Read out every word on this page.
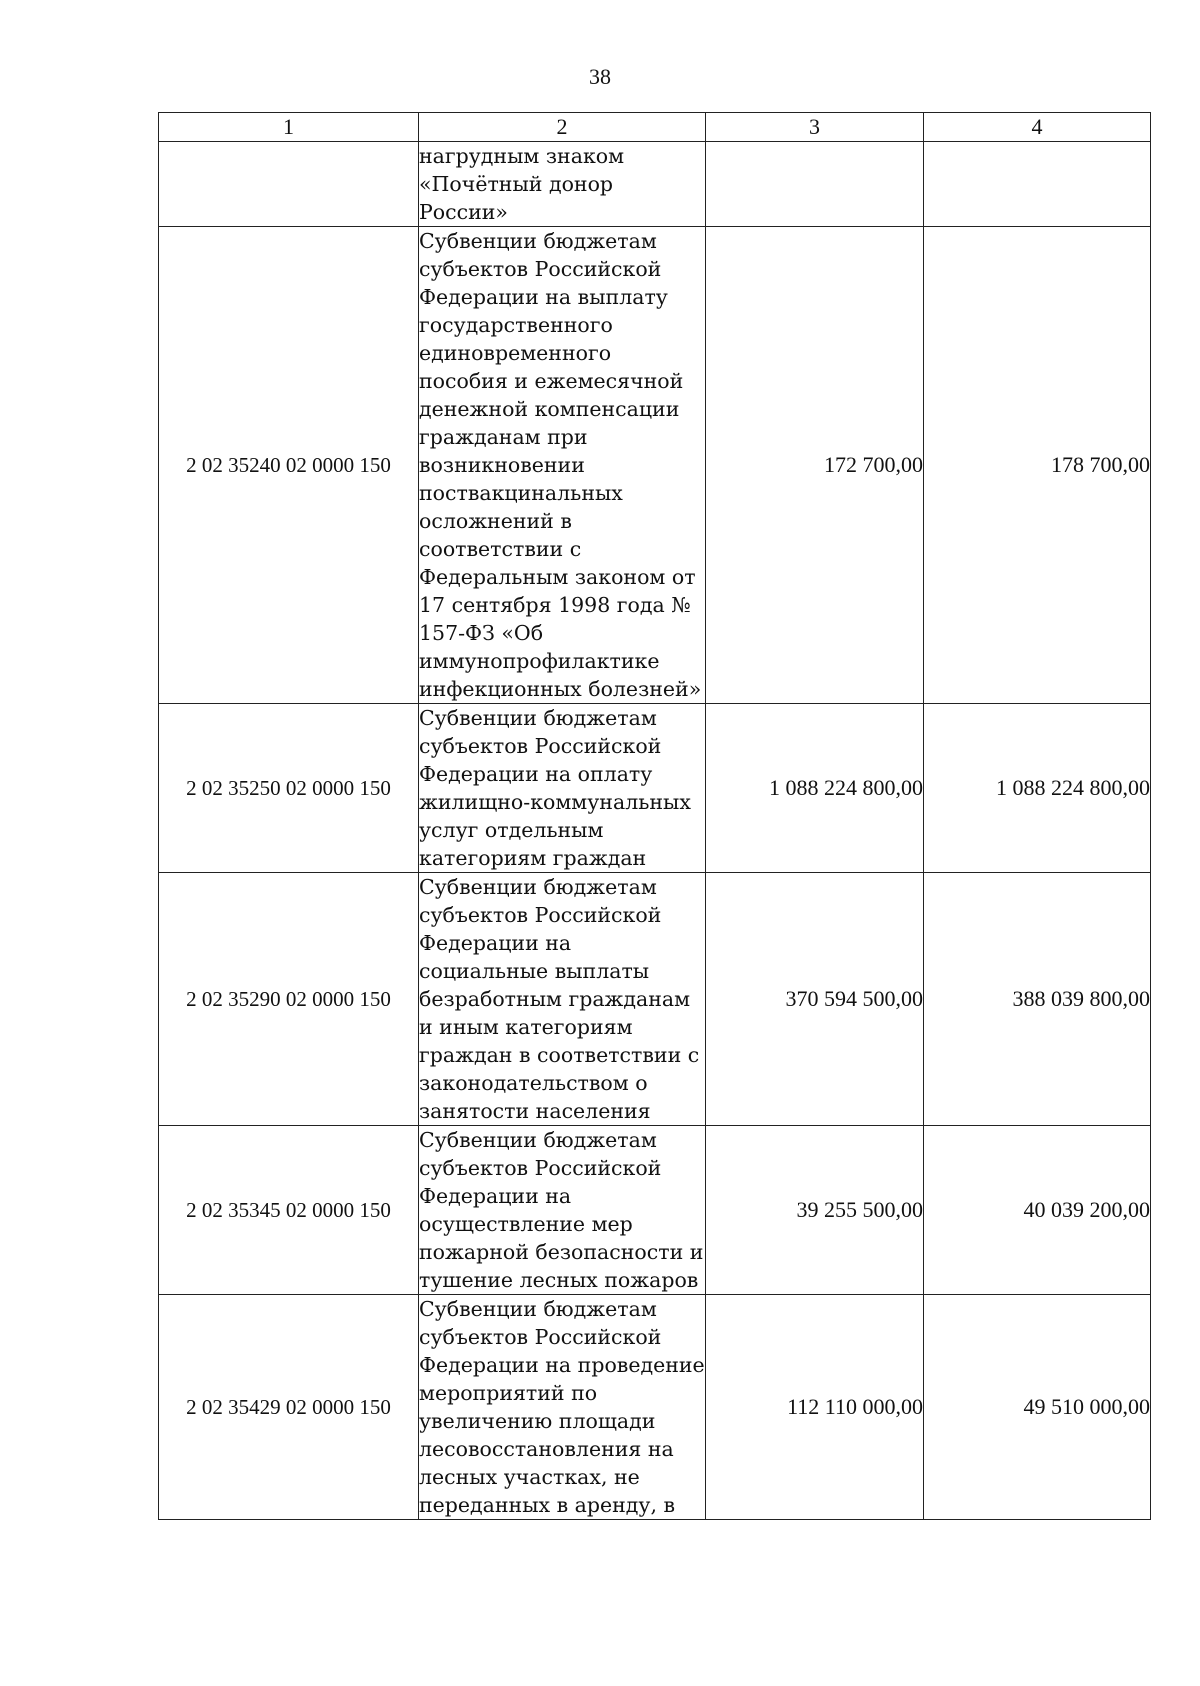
38
1	2	3	4
	нагрудным знаком «Почётный донор России»		
2 02 35240 02 0000 150	Субвенции бюджетам субъектов Российской Федерации на выплату государственного единовременного пособия и ежемесячной денежной компенсации гражданам при возникновении поствакцинальных осложнений в соответствии с Федеральным законом от 17 сентября 1998 года № 157-ФЗ «Об иммунопрофилактике инфекционных болезней»	172 700,00	178 700,00
2 02 35250 02 0000 150	Субвенции бюджетам субъектов Российской Федерации на оплату жилищно-коммунальных услуг отдельным категориям граждан	1 088 224 800,00	1 088 224 800,00
2 02 35290 02 0000 150	Субвенции бюджетам субъектов Российской Федерации на социальные выплаты безработным гражданам и иным категориям граждан в соответствии с законодательством о занятости населения	370 594 500,00	388 039 800,00
2 02 35345 02 0000 150	Субвенции бюджетам субъектов Российской Федерации на осуществление мер пожарной безопасности и тушение лесных пожаров	39 255 500,00	40 039 200,00
2 02 35429 02 0000 150	Субвенции бюджетам субъектов Российской Федерации на проведение мероприятий по увеличению площади лесовосстановления на лесных участках, не переданных в аренду, в	112 110 000,00	49 510 000,00
